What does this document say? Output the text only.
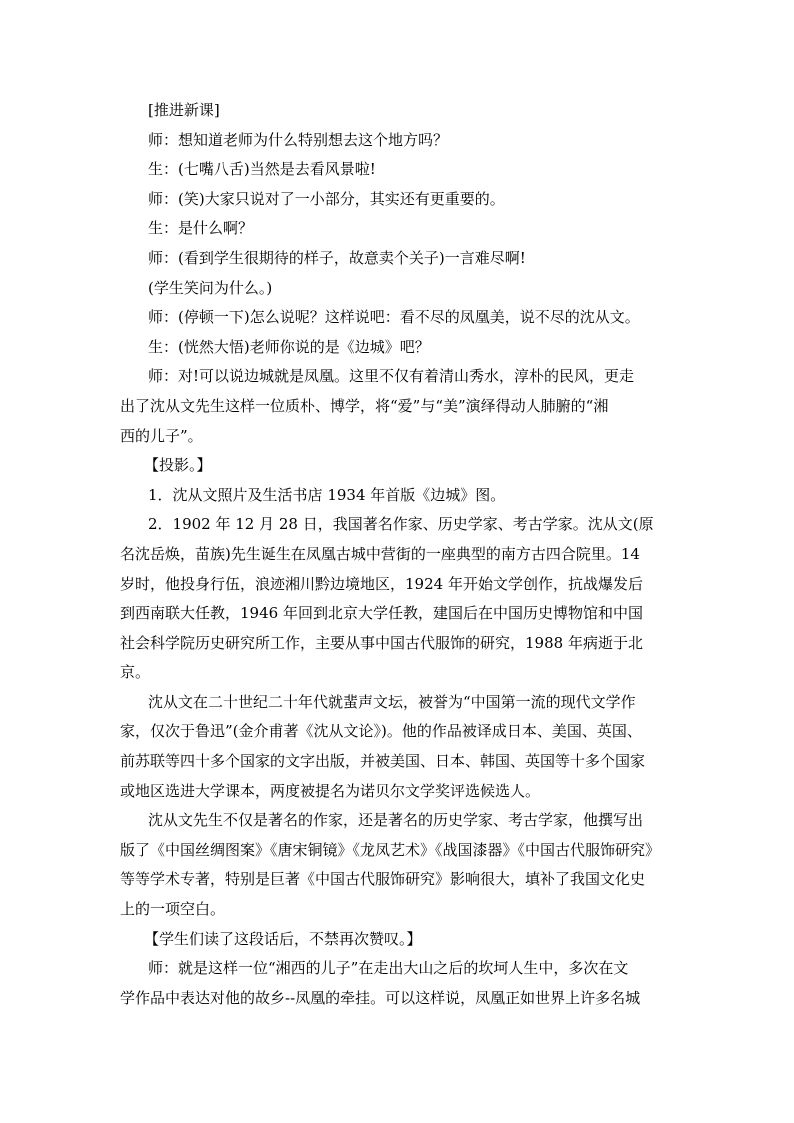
[推进新课]
师：想知道老师为什么特别想去这个地方吗？
生：(七嘴八舌)当然是去看风景啦!
师：(笑)大家只说对了一小部分，其实还有更重要的。
生：是什么啊？
师：(看到学生很期待的样子，故意卖个关子)一言难尽啊!
(学生笑问为什么。)
师：(停顿一下)怎么说呢？这样说吧：看不尽的凤凰美，说不尽的沈从文。
生：(恍然大悟)老师你说的是《边城》吧？
师：对!可以说边城就是凤凰。这里不仅有着清山秀水，淳朴的民风，更走
出了沈从文先生这样一位质朴、博学，将“爱”与“美”演绎得动人肺腑的“湘
西的儿子”。
【投影。】
1．沈从文照片及生活书店 1934 年首版《边城》图。
2．1902 年 12 月 28 日，我国著名作家、历史学家、考古学家。沈从文(原
名沈岳焕，苗族)先生诞生在凤凰古城中营街的一座典型的南方古四合院里。14
岁时，他投身行伍，浪迹湘川黔边境地区，1924 年开始文学创作，抗战爆发后
到西南联大任教，1946 年回到北京大学任教，建国后在中国历史博物馆和中国
社会科学院历史研究所工作，主要从事中国古代服饰的研究，1988 年病逝于北
京。
沈从文在二十世纪二十年代就蜚声文坛，被誉为“中国第一流的现代文学作
家，仅次于鲁迅”(金介甫著《沈从文论》)。他的作品被译成日本、美国、英国、
前苏联等四十多个国家的文字出版，并被美国、日本、韩国、英国等十多个国家
或地区选进大学课本，两度被提名为诺贝尔文学奖评选候选人。
沈从文先生不仅是著名的作家，还是著名的历史学家、考古学家，他撰写出
版了《中国丝绸图案》《唐宋铜镜》《龙凤艺术》《战国漆器》《中国古代服饰研究》
等等学术专著，特别是巨著《中国古代服饰研究》影响很大，填补了我国文化史
上的一项空白。
【学生们读了这段话后，不禁再次赞叹。】
师：就是这样一位“湘西的儿子”在走出大山之后的坎坷人生中，多次在文
学作品中表达对他的故乡--凤凰的牵挂。可以这样说，凤凰正如世界上许多名城
